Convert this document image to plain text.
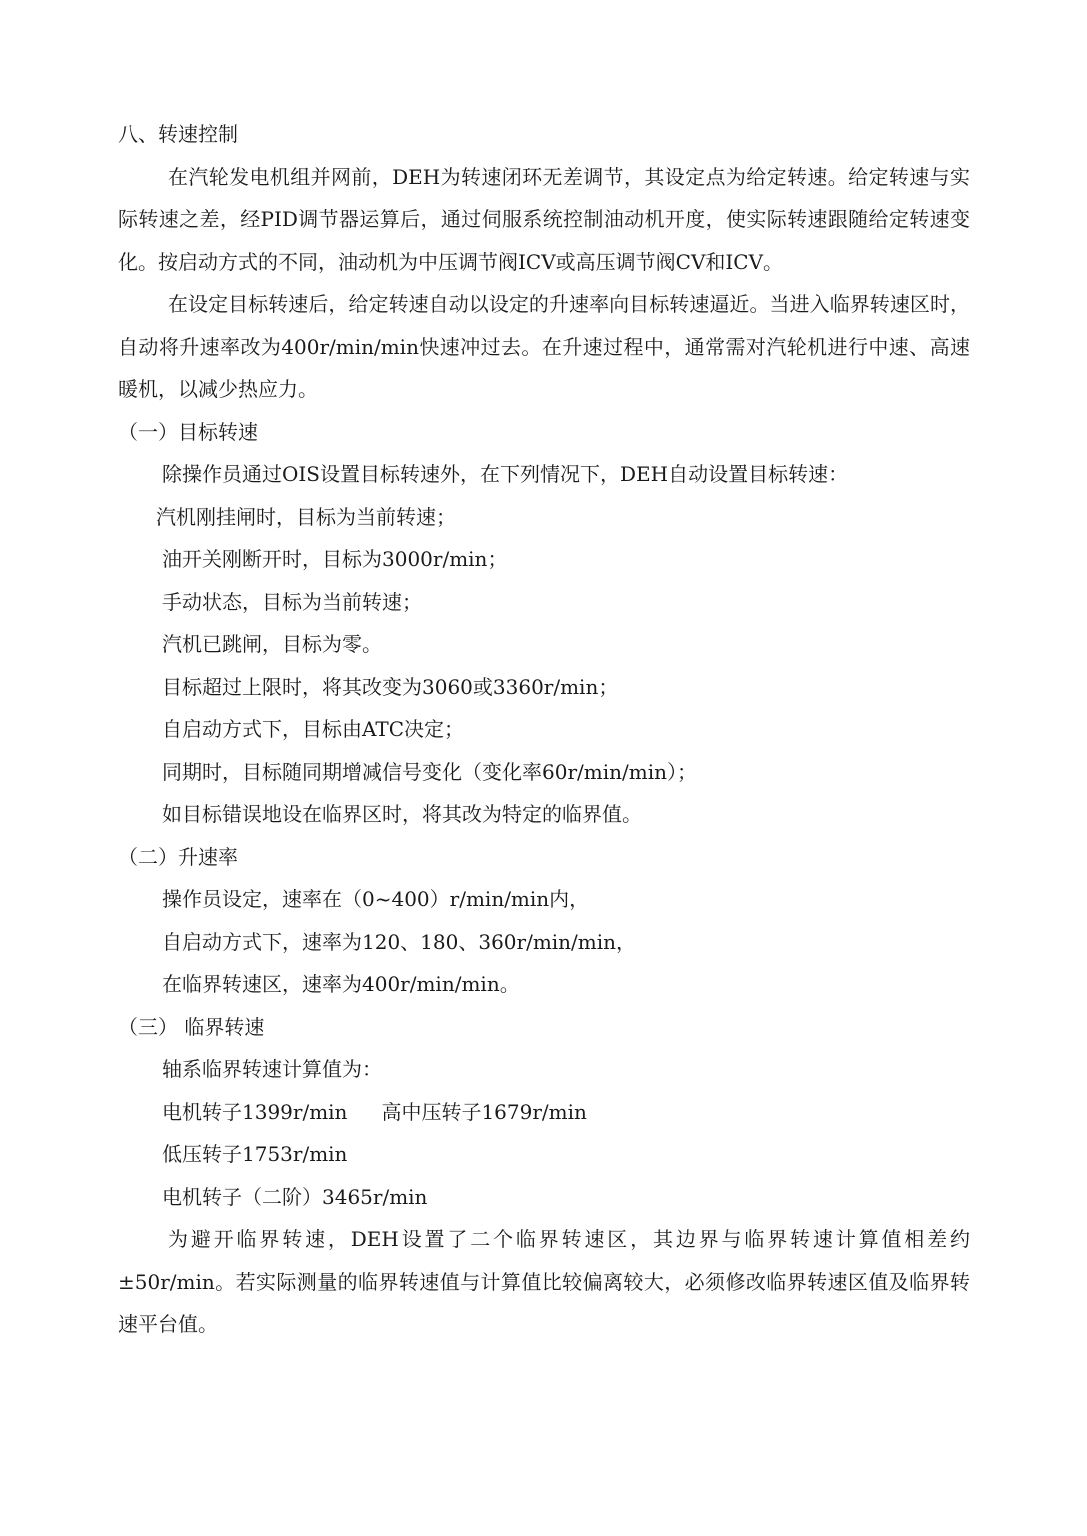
八、转速控制

在汽轮发电机组并网前，DEH为转速闭环无差调节，其设定点为给定转速。给定转速与实际转速之差，经PID调节器运算后，通过伺服系统控制油动机开度，使实际转速跟随给定转速变化。按启动方式的不同，油动机为中压调节阀ICV或高压调节阀CV和ICV。

在设定目标转速后，给定转速自动以设定的升速率向目标转速逼近。当进入临界转速区时，自动将升速率改为400r/min/min快速冲过去。在升速过程中，通常需对汽轮机进行中速、高速暖机，以减少热应力。

（一）目标转速

除操作员通过OIS设置目标转速外，在下列情况下，DEH自动设置目标转速：

汽机刚挂闸时，目标为当前转速；

油开关刚断开时，目标为3000r/min；

手动状态，目标为当前转速；

汽机已跳闸，目标为零。

目标超过上限时，将其改变为3060或3360r/min；

自启动方式下，目标由ATC决定；

同期时，目标随同期增减信号变化（变化率60r/min/min）；

如目标错误地设在临界区时，将其改为特定的临界值。

（二）升速率

操作员设定，速率在（0~400）r/min/min内，

自启动方式下，速率为120、180、360r/min/min，

在临界转速区，速率为400r/min/min。

（三） 临界转速

轴系临界转速计算值为：

电机转子1399r/min 高中压转子1679r/min

低压转子1753r/min

电机转子（二阶）3465r/min

为避开临界转速，DEH设置了二个临界转速区，其边界与临界转速计算值相差约±50r/min。若实际测量的临界转速值与计算值比较偏离较大，必须修改临界转速区值及临界转速平台值。
